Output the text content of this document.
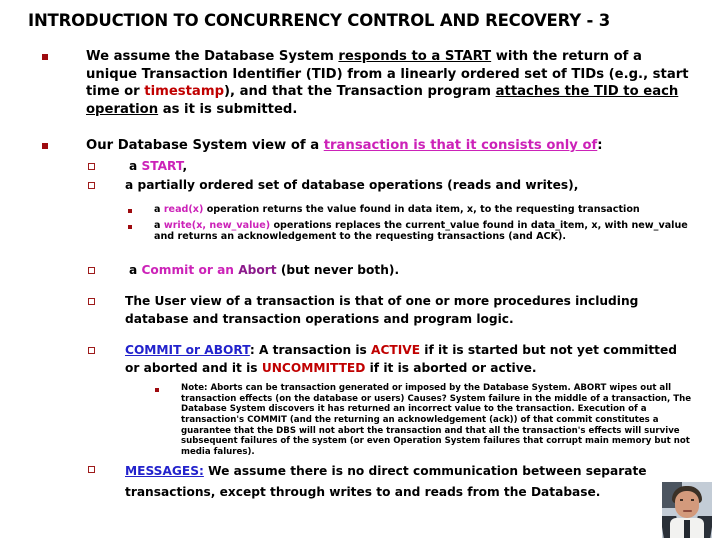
INTRODUCTION TO CONCURRENCY CONTROL AND RECOVERY - 3
We assume the Database System responds to a START with the return of a unique Transaction Identifier (TID) from a linearly ordered set of TIDs (e.g., start time or timestamp), and that the Transaction program attaches the TID to each operation as it is submitted.
Our Database System view of a transaction is that it consists only of:
a START,
a partially ordered set of database operations (reads and writes),
a read(x) operation returns the value found in data item, x, to the requesting transaction
a write(x, new_value) operations replaces the current_value found in data_item, x, with new_value and returns an acknowledgement to the requesting transactions (and ACK).
a Commit or an Abort (but never both).
The User view of a transaction is that of one or more procedures including database and transaction operations and program logic.
COMMIT or ABORT: A transaction is ACTIVE if it is started but not yet committed or aborted and it is UNCOMMITTED if it is aborted or active.
Note: Aborts can be transaction generated or imposed by the Database System. ABORT wipes out all transaction effects (on the database or users) Causes? System failure in the middle of a transaction, The Database System discovers it has returned an incorrect value to the transaction. Execution of a transaction's COMMIT (and the returning an acknowledgement (ack)) of that commit constitutes a guarantee that the DBS will not abort the transaction and that all the transaction's effects will survive subsequent failures of the system (or even Operation System failures that corrupt main memory but not media falures).
MESSAGES: We assume there is no direct communication between separate transactions, except through writes to and reads from the Database.
